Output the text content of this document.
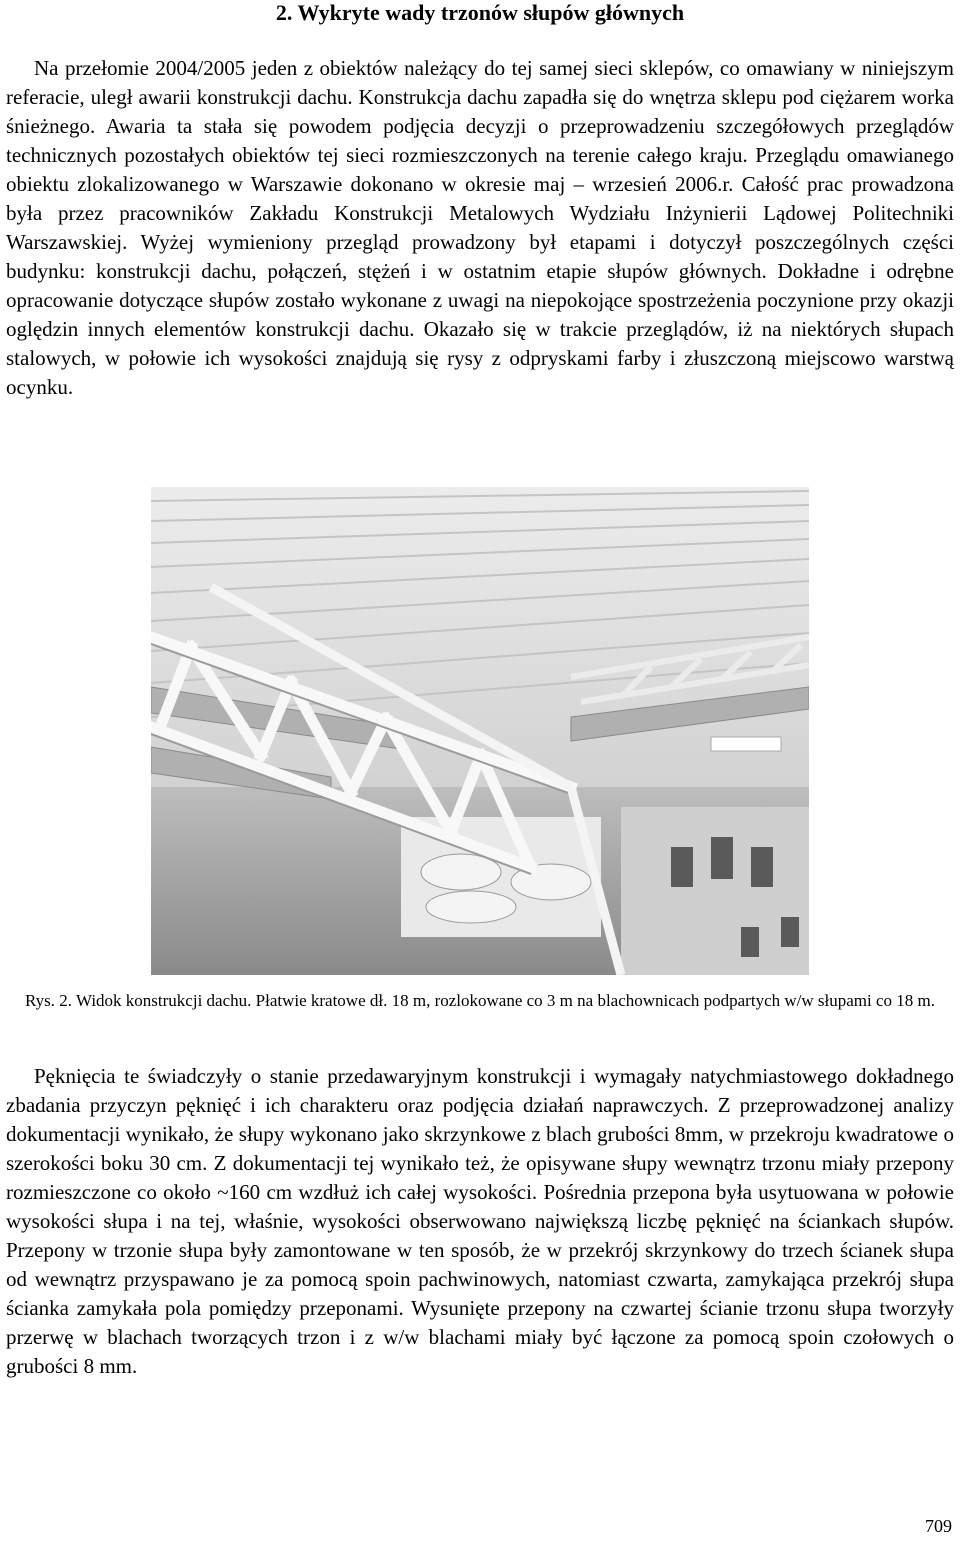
2. Wykryte wady trzonów słupów głównych

Na przełomie 2004/2005 jeden z obiektów należący do tej samej sieci sklepów, co omawiany w niniejszym referacie, uległ awarii konstrukcji dachu. Konstrukcja dachu zapadła się do wnętrza sklepu pod ciężarem worka śnieżnego. Awaria ta stała się powodem podjęcia decyzji o przeprowadzeniu szczegółowych przeglądów technicznych pozostałych obiektów tej sieci rozmieszczonych na terenie całego kraju. Przeglądu omawianego obiektu zlokalizowanego w Warszawie dokonano w okresie maj – wrzesień 2006.r. Całość prac prowadzona była przez pracowników Zakładu Konstrukcji Metalowych Wydziału Inżynierii Lądowej Politechniki Warszawskiej. Wyżej wymieniony przegląd prowadzony był etapami i dotyczył poszczególnych części budynku: konstrukcji dachu, połączeń, stężeń i w ostatnim etapie słupów głównych. Dokładne i odrębne opracowanie dotyczące słupów zostało wykonane z uwagi na niepokojące spostrzeżenia poczynione przy okazji oględzin innych elementów konstrukcji dachu. Okazało się w trakcie przeglądów, iż na niektórych słupach stalowych, w połowie ich wysokości znajdują się rysy z odpryskami farby i złuszczoną miejscowo warstwą ocynku.

Rys. 2. Widok konstrukcji dachu. Płatwie kratowe dł. 18 m, rozlokowane co 3 m na blachownicach podpartych w/w słupami co 18 m.

Pęknięcia te świadczyły o stanie przedawaryjnym konstrukcji i wymagały natychmiastowego dokładnego zbadania przyczyn pęknięć i ich charakteru oraz podjęcia działań naprawczych. Z przeprowadzonej analizy dokumentacji wynikało, że słupy wykonano jako skrzynkowe z blach grubości 8mm, w przekroju kwadratowe o szerokości boku 30 cm. Z dokumentacji tej wynikało też, że opisywane słupy wewnątrz trzonu miały przepony rozmieszczone co około ~160 cm wzdłuż ich całej wysokości. Pośrednia przepona była usytuowana w połowie wysokości słupa i na tej, właśnie, wysokości obserwowano największą liczbę pęknięć na ściankach słupów. Przepony w trzonie słupa były zamontowane w ten sposób, że w przekrój skrzynkowy do trzech ścianek słupa od wewnątrz przyspawano je za pomocą spoin pachwinowych, natomiast czwarta, zamykająca przekrój słupa ścianka zamykała pola pomiędzy przeponami. Wysunięte przepony na czwartej ścianie trzonu słupa tworzyły przerwę w blachach tworzących trzon i z w/w blachami miały być łączone za pomocą spoin czołowych o grubości 8 mm.

709
